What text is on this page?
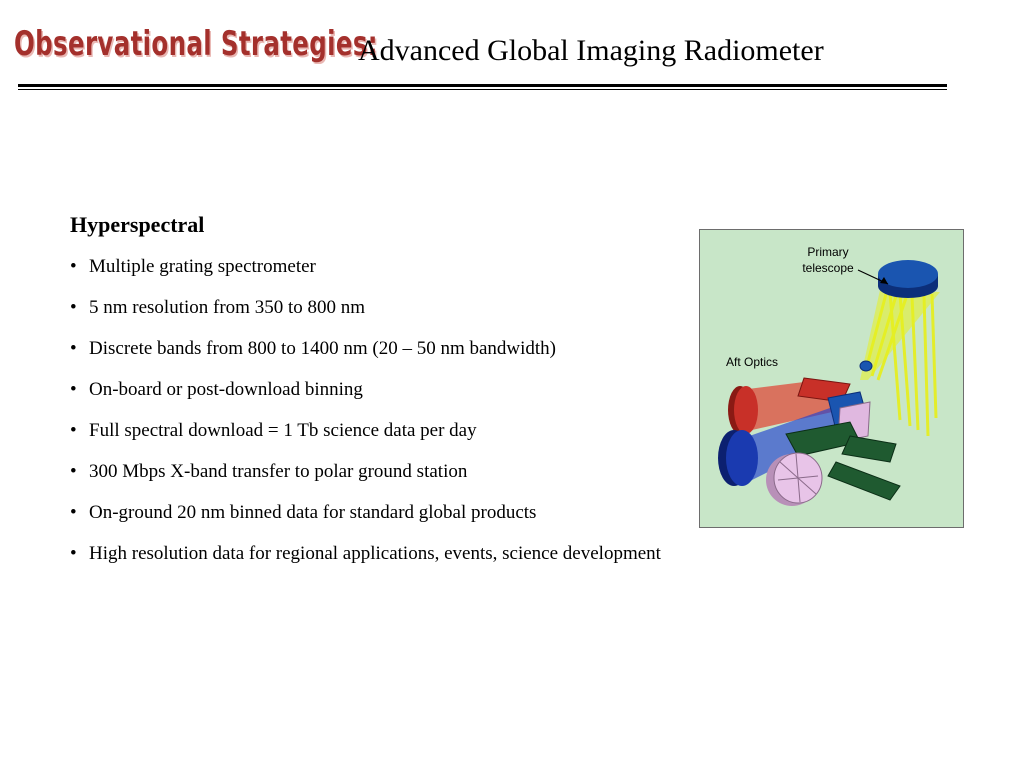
Observational Strategies:
Advanced Global Imaging Radiometer
Hyperspectral
• Multiple grating spectrometer
• 5 nm resolution from 350 to 800 nm
• Discrete bands from 800 to 1400 nm (20 – 50 nm bandwidth)
• On-board or post-download binning
• Full spectral download = 1 Tb science data per day
• 300 Mbps X-band transfer to polar ground station
• On-ground 20 nm binned data for standard global products
• High resolution data for regional applications, events, science development
Primary
telescope
Aft Optics
